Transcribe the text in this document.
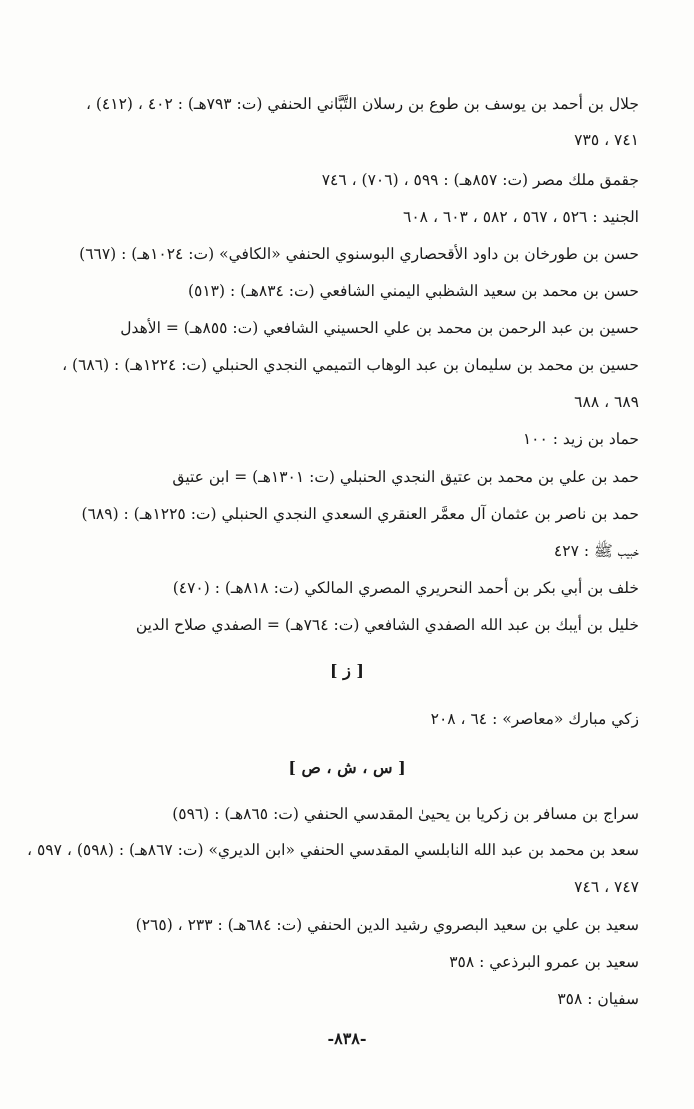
جلال بن أحمد بن يوسف بن طوع بن رسلان التَّبَّاني الحنفي (ت: ٧٩٣هـ) : ٤٠٢ ، (٤١٢) ،
٧٤١ ، ٧٣٥
جقمق ملك مصر (ت: ٨٥٧هـ) : ٥٩٩ ، (٧٠٦) ، ٧٤٦
الجنيد : ٥٢٦ ، ٥٦٧ ، ٥٨٢ ، ٦٠٣ ، ٦٠٨
حسن بن طورخان بن داود الأقحصاري البوسنوي الحنفي «الكافي» (ت: ١٠٢٤هـ) : (٦٦٧)
حسن بن محمد بن سعيد الشظبي اليمني الشافعي (ت: ٨٣٤هـ) : (٥١٣)
حسين بن عبد الرحمن بن محمد بن علي الحسيني الشافعي (ت: ٨٥٥هـ) = الأهدل
حسين بن محمد بن سليمان بن عبد الوهاب التميمي النجدي الحنبلي (ت: ١٢٢٤هـ) : (٦٨٦) ،
٦٨٩ ، ٦٨٨
حماد بن زيد : ١٠٠
حمد بن علي بن محمد بن عتيق النجدي الحنبلي (ت: ١٣٠١هـ) = ابن عتيق
حمد بن ناصر بن عثمان آل معمَّر العنقري السعدي النجدي الحنبلي (ت: ١٢٢٥هـ) : (٦٨٩)
خبيب ﷺ : ٤٢٧
خلف بن أبي بكر بن أحمد النحريري المصري المالكي (ت: ٨١٨هـ) : (٤٧٠)
خليل بن أيبك بن عبد الله الصفدي الشافعي (ت: ٧٦٤هـ) = الصفدي صلاح الدين
[ ز ]
زكي مبارك «معاصر» : ٦٤ ، ٢٠٨
[ س ، ش ، ص ]
سراج بن مسافر بن زكريا بن يحيىٰ المقدسي الحنفي (ت: ٨٦٥هـ) : (٥٩٦)
سعد بن محمد بن عبد الله النابلسي المقدسي الحنفي «ابن الديري» (ت: ٨٦٧هـ) : (٥٩٨) ، ٥٩٧ ،
٧٤٧ ، ٧٤٦
سعيد بن علي بن سعيد البصروي رشيد الدين الحنفي (ت: ٦٨٤هـ) : ٢٣٣ ، (٢٦٥)
سعيد بن عمرو البرذعي : ٣٥٨
سفيان : ٣٥٨
-٨٣٨-
